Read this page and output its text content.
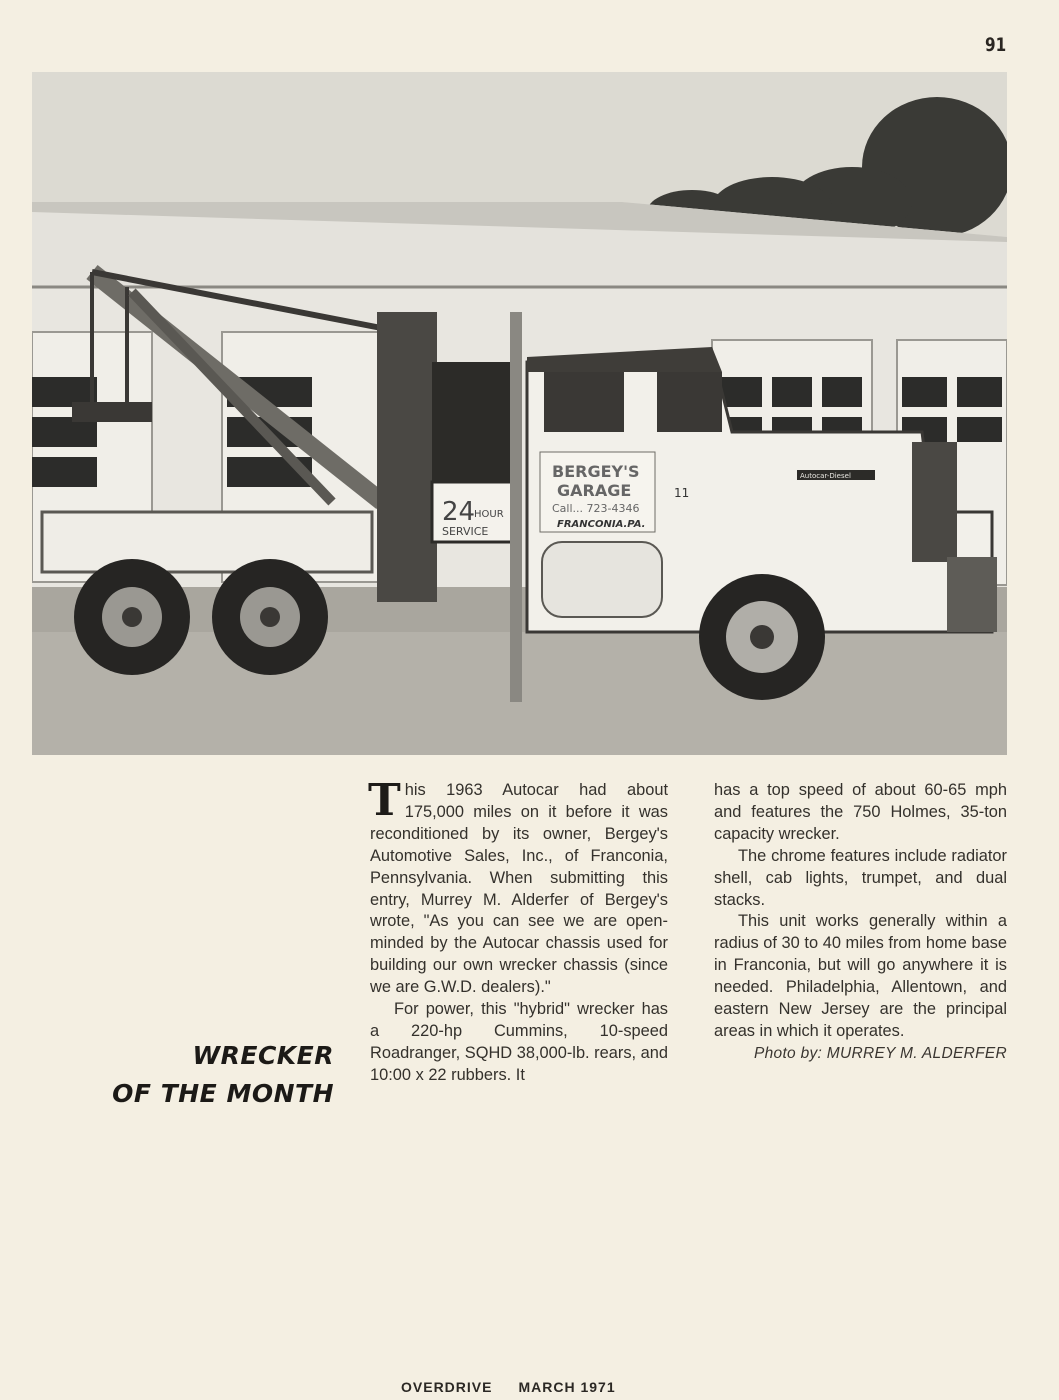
91
24
HOUR
SERVICE
BERGEY'S
GARAGE
Call... 723-4346
FRANCONIA.PA.
11
Autocar-Diesel

This 1963 Autocar had about 175,000 miles on it before it was reconditioned by its owner, Bergey's Automotive Sales, Inc., of Franconia, Pennsylvania. When submitting this entry, Murrey M. Alderfer of Bergey's wrote, "As you can see we are open-minded by the Autocar chassis used for building our own wrecker chassis (since we are G.W.D. dealers)."

For power, this "hybrid" wrecker has a 220-hp Cummins, 10-speed Roadranger, SQHD 38,000-lb. rears, and 10:00 x 22 rubbers. It

has a top speed of about 60-65 mph and features the 750 Holmes, 35-ton capacity wrecker.

The chrome features include radiator shell, cab lights, trumpet, and dual stacks.

This unit works generally within a radius of 30 to 40 miles from home base in Franconia, but will go anywhere it is needed. Philadelphia, Allentown, and eastern New Jersey are the principal areas in which it operates.

Photo by: MURREY M. ALDERFER

WRECKER
OF THE MONTH
OVERDRIVE MARCH 1971
